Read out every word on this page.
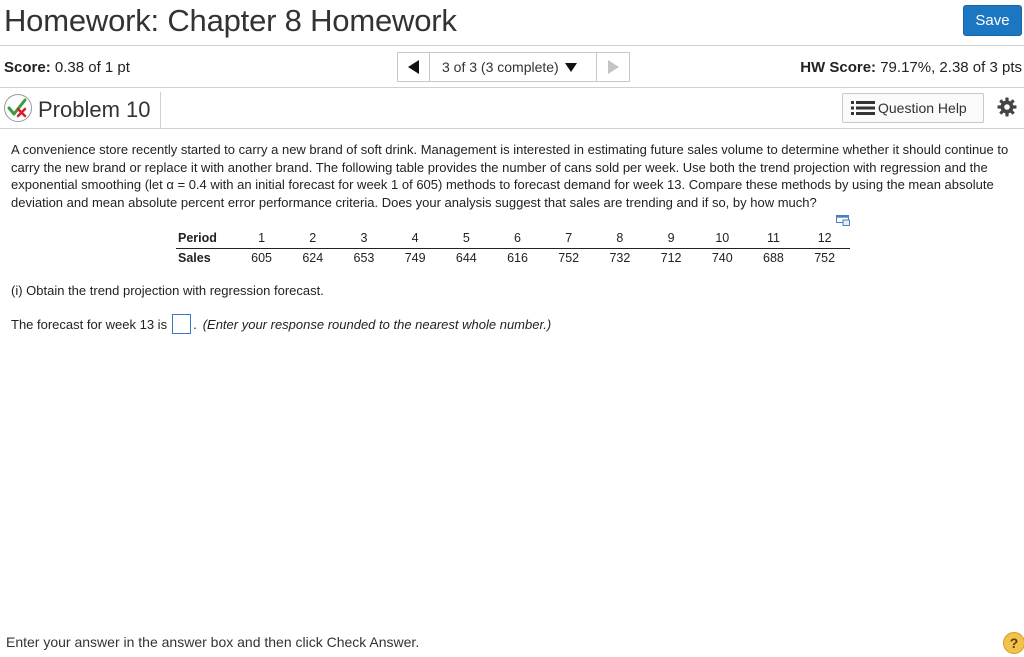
Homework: Chapter 8 Homework	Save
Score: 0.38 of 1 pt	3 of 3 (3 complete)	HW Score: 79.17%, 2.38 of 3 pts
Problem 10	Question Help

A convenience store recently started to carry a new brand of soft drink. Management is interested in estimating future sales volume to determine whether it should continue to carry the new brand or replace it with another brand. The following table provides the number of cans sold per week. Use both the trend projection with regression and the exponential smoothing (let α = 0.4 with an initial forecast for week 1 of 605) methods to forecast demand for week 13. Compare these methods by using the mean absolute deviation and mean absolute percent error performance criteria. Does your analysis suggest that sales are trending and if so, by how much?

Period	1	2	3	4	5	6	7	8	9	10	11	12
Sales	605	624	653	749	644	616	752	732	712	740	688	752

(i) Obtain the trend projection with regression forecast.

The forecast for week 13 is . (Enter your response rounded to the nearest whole number.)

Enter your answer in the answer box and then click Check Answer.	?
